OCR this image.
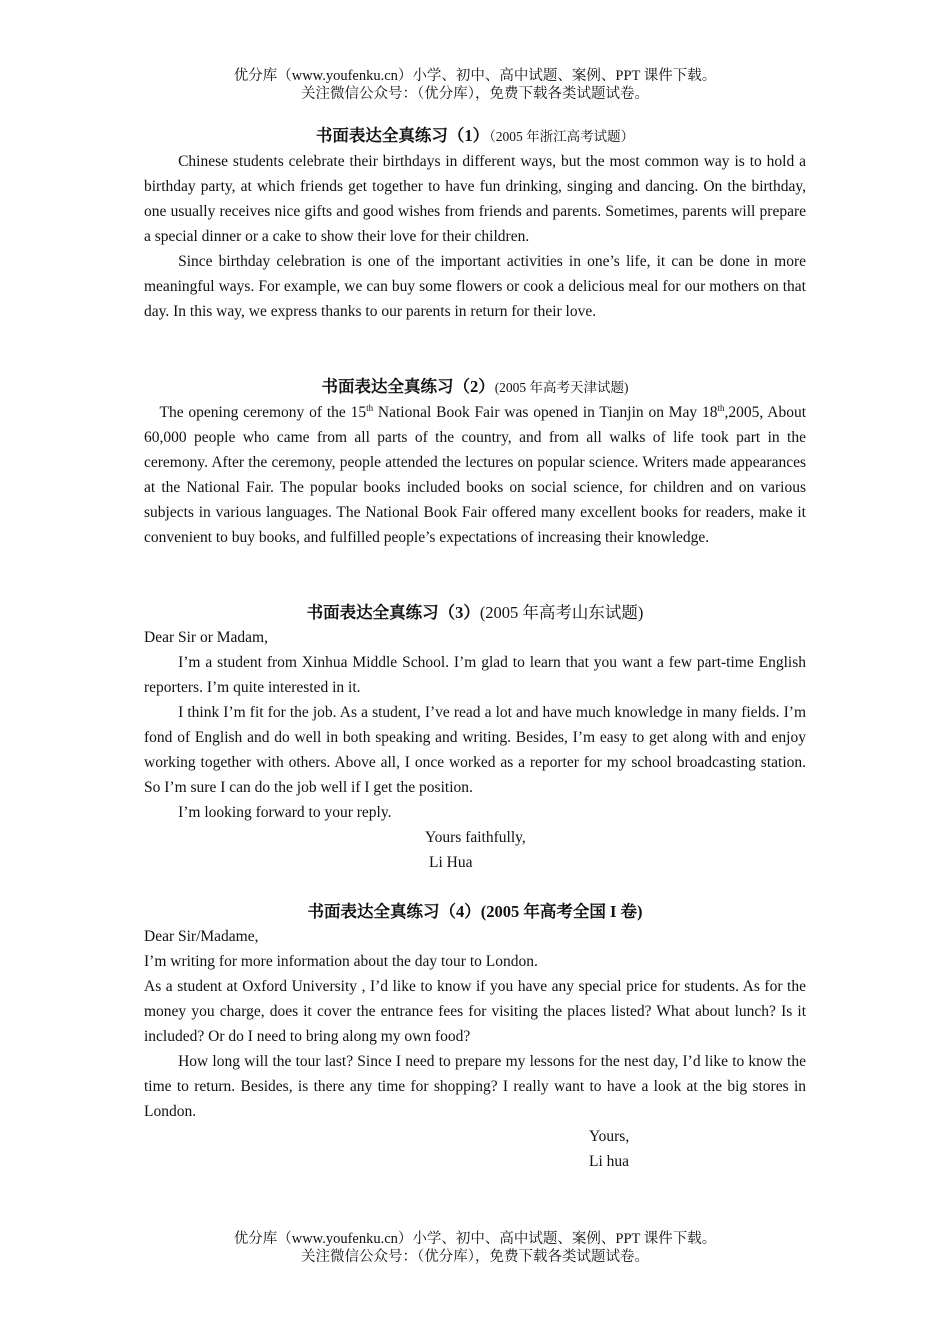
优分库（www.youfenku.cn）小学、初中、高中试题、案例、PPT 课件下载。
关注微信公众号：（优分库），免费下载各类试题试卷。

书面表达全真练习（1）（2005 年浙江高考试题）

Chinese students celebrate their birthdays in different ways, but the most common way is to hold a birthday party, at which friends get together to have fun drinking, singing and dancing. On the birthday, one usually receives nice gifts and good wishes from friends and parents. Sometimes, parents will prepare a special dinner or a cake to show their love for their children.

Since birthday celebration is one of the important activities in one’s life, it can be done in more meaningful ways. For example, we can buy some flowers or cook a delicious meal for our mothers on that day. In this way, we express thanks to our parents in return for their love.

书面表达全真练习（2）(2005 年高考天津试题)

The opening ceremony of the 15th National Book Fair was opened in Tianjin on May 18th,2005, About 60,000 people who came from all parts of the country, and from all walks of life took part in the ceremony. After the ceremony, people attended the lectures on popular science. Writers made appearances at the National Fair. The popular books included books on social science, for children and on various subjects in various languages. The National Book Fair offered many excellent books for readers, make it convenient to buy books, and fulfilled people’s expectations of increasing their knowledge.

书面表达全真练习（3）(2005 年高考山东试题)

Dear Sir or Madam,

I’m a student from Xinhua Middle School. I’m glad to learn that you want a few part-time English reporters. I’m quite interested in it.

I think I’m fit for the job. As a student, I’ve read a lot and have much knowledge in many fields. I’m fond of English and do well in both speaking and writing. Besides, I’m easy to get along with and enjoy working together with others. Above all, I once worked as a reporter for my school broadcasting station. So I’m sure I can do the job well if I get the position.

I’m looking forward to your reply.

Yours faithfully,

Li Hua

书面表达全真练习（4）(2005 年高考全国 I 卷)

Dear Sir/Madame,

I’m writing for more information about the day tour to London.

As a student at Oxford University , I’d like to know if you have any special price for students. As for the money you charge, does it cover the entrance fees for visiting the places listed? What about lunch? Is it included? Or do I need to bring along my own food?

How long will the tour last? Since I need to prepare my lessons for the nest day, I’d like to know the time to return. Besides, is there any time for shopping? I really want to have a look at the big stores in London.

Yours,

Li hua

优分库（www.youfenku.cn）小学、初中、高中试题、案例、PPT 课件下载。
关注微信公众号：（优分库），免费下载各类试题试卷。
